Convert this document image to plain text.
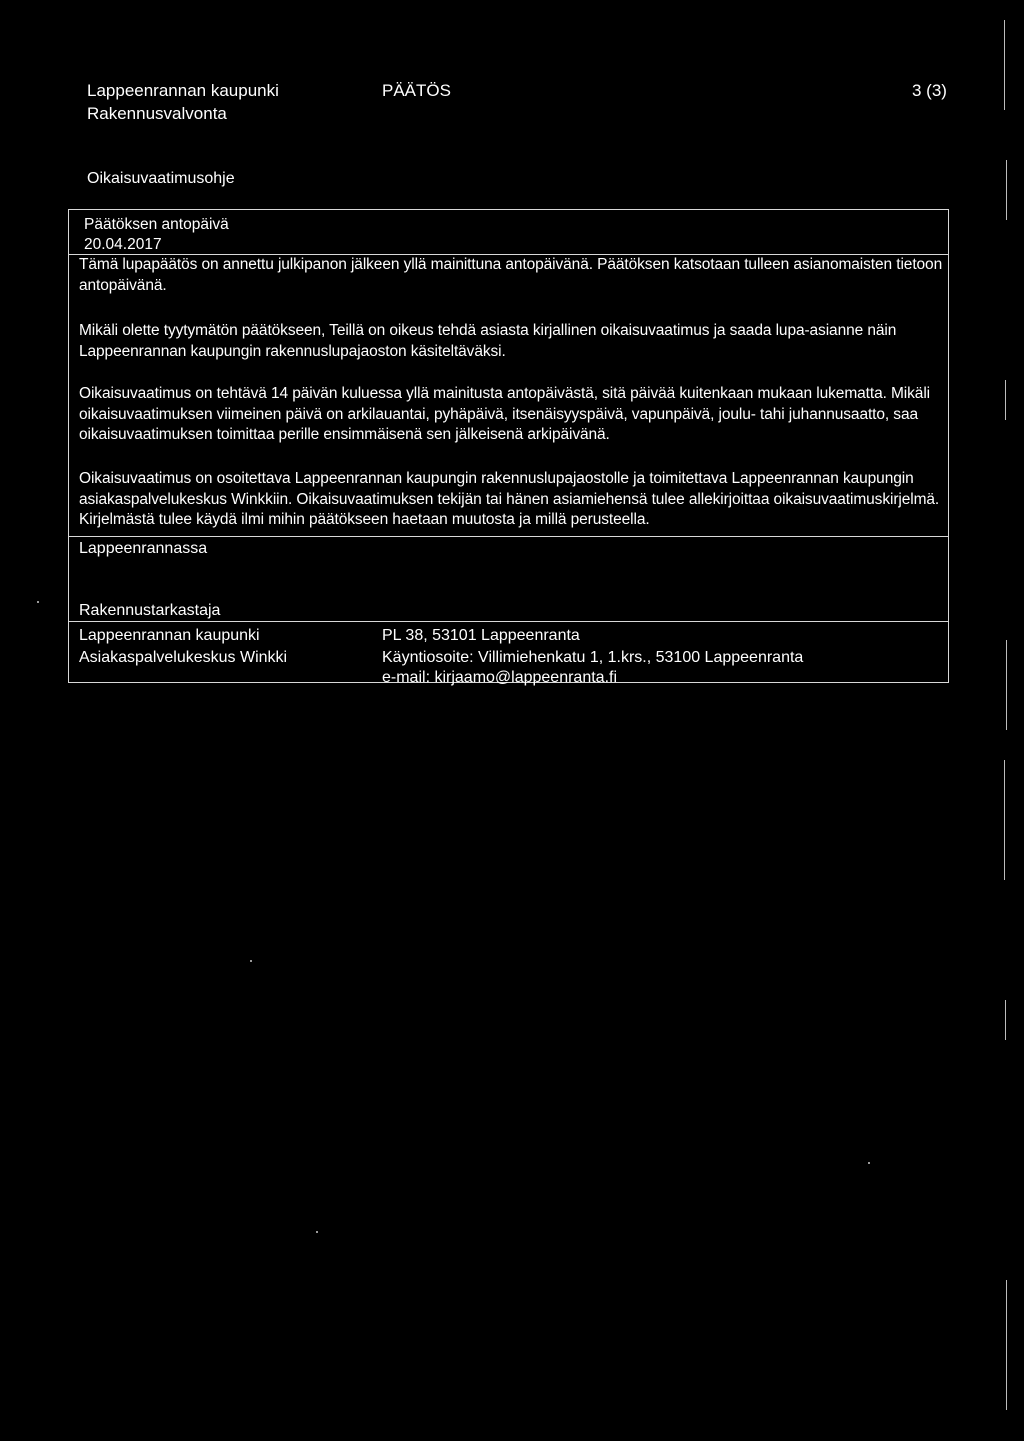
Lappeenrannan kaupunki
Rakennusvalvonta
PÄÄTÖS	3 (3)
Oikaisuvaatimusohje
Päätöksen antopäivä
20.04.2017
Tämä lupapäätös on annettu julkipanon jälkeen yllä mainittuna antopäivänä. Päätöksen katsotaan tulleen asianomaisten tietoon antopäivänä.
Mikäli olette tyytymätön päätökseen, Teillä on oikeus tehdä asiasta kirjallinen oikaisuvaatimus ja saada lupa-asianne näin Lappeenrannan kaupungin rakennuslupajaoston käsiteltäväksi.
Oikaisuvaatimus on tehtävä 14 päivän kuluessa yllä mainitusta antopäivästä, sitä päivää kuitenkaan mukaan lukematta. Mikäli oikaisuvaatimuksen viimeinen päivä on arkilauantai, pyhäpäivä, itsenäisyyspäivä, vapunpäivä, joulu- tahi juhannusaatto, saa oikaisuvaatimuksen toimittaa perille ensimmäisenä sen jälkeisenä arkipäivänä.
Oikaisuvaatimus on osoitettava Lappeenrannan kaupungin rakennuslupajaostolle ja toimitettava Lappeenrannan kaupungin asiakaspalvelukeskus Winkkiin. Oikaisuvaatimuksen tekijän tai hänen asiamiehensä tulee allekirjoittaa oikaisuvaatimuskirjelmä. Kirjelmästä tulee käydä ilmi mihin päätökseen haetaan muutosta ja millä perusteella.
Lappeenrannassa
Rakennustarkastaja
Lappeenrannan kaupunki
Asiakaspalvelukeskus Winkki
PL 38, 53101 Lappeenranta
Käyntiosoite: Villimiehenkatu 1, 1.krs., 53100 Lappeenranta
e-mail: kirjaamo@lappeenranta.fi
